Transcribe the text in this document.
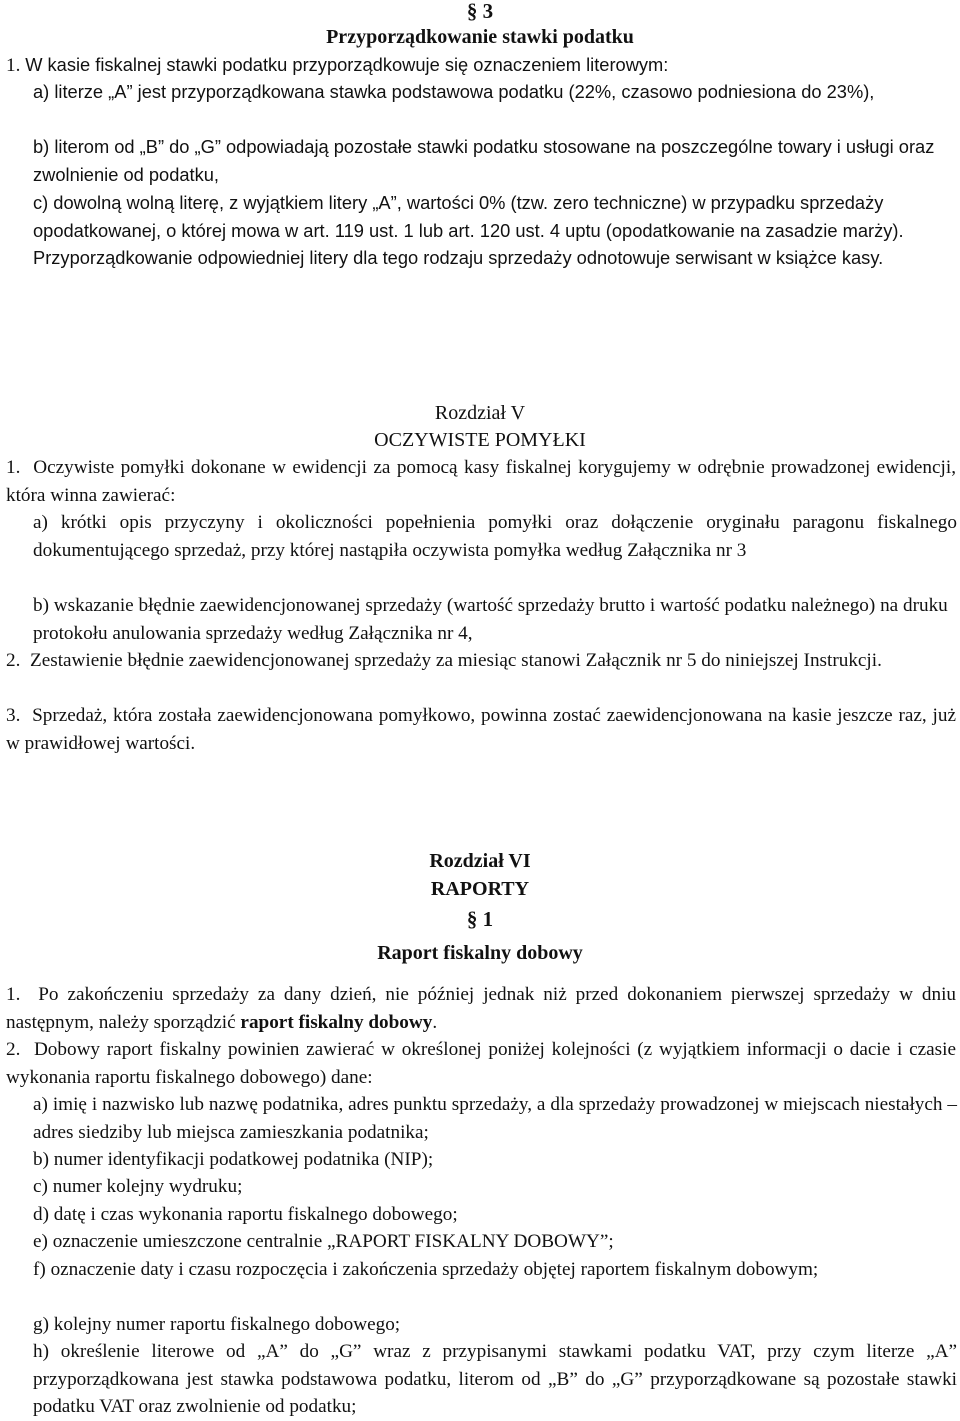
§ 3
Przyporządkowanie stawki podatku
1. W kasie fiskalnej stawki podatku przyporządkowuje się oznaczeniem literowym:
a) literze „A” jest przyporządkowana stawka podstawowa podatku (22%, czasowo podniesiona do 23%),
b) literom od „B” do „G” odpowiadają pozostałe stawki podatku stosowane na poszczególne towary i usługi oraz zwolnienie od podatku,
c) dowolną wolną literę, z wyjątkiem litery „A”, wartości 0% (tzw. zero techniczne) w przypadku sprzedaży opodatkowanej, o której mowa w art. 119 ust. 1 lub art. 120 ust. 4 uptu (opodatkowanie na zasadzie marży). Przyporządkowanie odpowiedniej litery dla tego rodzaju sprzedaży odnotowuje serwisant w książce kasy.
Rozdział V
OCZYWISTE POMYŁKI
1. Oczywiste pomyłki dokonane w ewidencji za pomocą kasy fiskalnej korygujemy w odrębnie prowadzonej ewidencji, która winna zawierać:
a) krótki opis przyczyny i okoliczności popełnienia pomyłki oraz dołączenie oryginału paragonu fiskalnego dokumentującego sprzedaż, przy której nastąpiła oczywista pomyłka według Załącznika nr 3
b) wskazanie błędnie zaewidencjonowanej sprzedaży (wartość sprzedaży brutto i wartość podatku należnego) na druku protokołu anulowania sprzedaży według Załącznika nr 4,
2. Zestawienie błędnie zaewidencjonowanej sprzedaży za miesiąc stanowi Załącznik nr 5 do niniejszej Instrukcji.
3. Sprzedaż, która została zaewidencjonowana pomyłkowo, powinna zostać zaewidencjonowana na kasie jeszcze raz, już w prawidłowej wartości.
Rozdział VI
RAPORTY
§ 1
Raport fiskalny dobowy
1. Po zakończeniu sprzedaży za dany dzień, nie później jednak niż przed dokonaniem pierwszej sprzedaży w dniu następnym, należy sporządzić raport fiskalny dobowy.
2. Dobowy raport fiskalny powinien zawierać w określonej poniżej kolejności (z wyjątkiem informacji o dacie i czasie wykonania raportu fiskalnego dobowego) dane:
a) imię i nazwisko lub nazwę podatnika, adres punktu sprzedaży, a dla sprzedaży prowadzonej w miejscach niestałych – adres siedziby lub miejsca zamieszkania podatnika;
b) numer identyfikacji podatkowej podatnika (NIP);
c) numer kolejny wydruku;
d) datę i czas wykonania raportu fiskalnego dobowego;
e) oznaczenie umieszczone centralnie „RAPORT FISKALNY DOBOWY”;
f) oznaczenie daty i czasu rozpoczęcia i zakończenia sprzedaży objętej raportem fiskalnym dobowym;
g) kolejny numer raportu fiskalnego dobowego;
h) określenie literowe od „A” do „G” wraz z przypisanymi stawkami podatku VAT, przy czym literze „A” przyporządkowana jest stawka podstawowa podatku, literom od „B” do „G” przyporządkowane są pozostałe stawki podatku VAT oraz zwolnienie od podatku;
